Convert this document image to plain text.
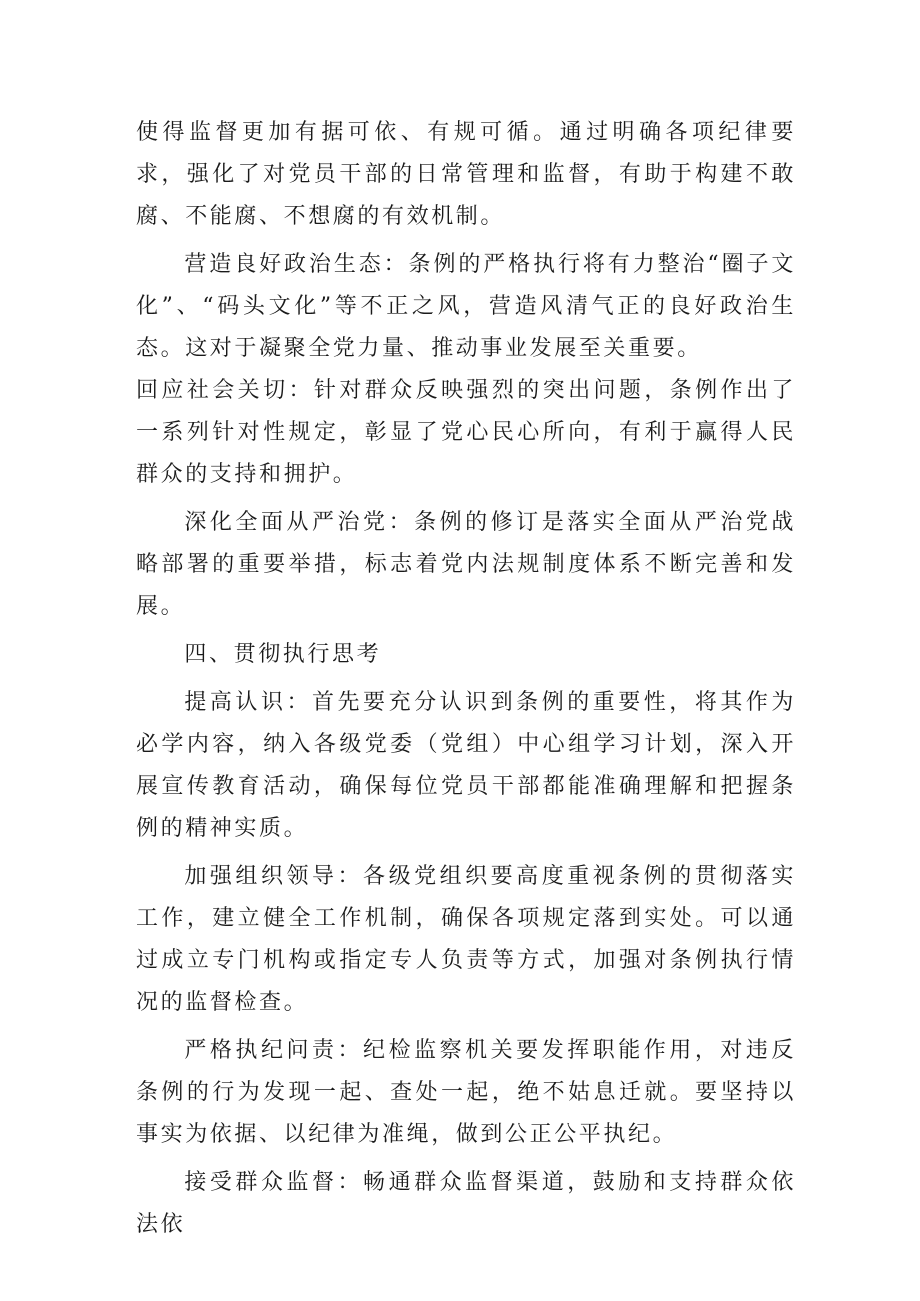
使得监督更加有据可依、有规可循。通过明确各项纪律要求，强化了对党员干部的日常管理和监督，有助于构建不敢腐、不能腐、不想腐的有效机制。

营造良好政治生态：条例的严格执行将有力整治“圈子文化”、“码头文化”等不正之风，营造风清气正的良好政治生态。这对于凝聚全党力量、推动事业发展至关重要。

回应社会关切：针对群众反映强烈的突出问题，条例作出了一系列针对性规定，彰显了党心民心所向，有利于赢得人民群众的支持和拥护。

深化全面从严治党：条例的修订是落实全面从严治党战略部署的重要举措，标志着党内法规制度体系不断完善和发展。

四、贯彻执行思考

提高认识：首先要充分认识到条例的重要性，将其作为必学内容，纳入各级党委（党组）中心组学习计划，深入开展宣传教育活动，确保每位党员干部都能准确理解和把握条例的精神实质。

加强组织领导：各级党组织要高度重视条例的贯彻落实工作，建立健全工作机制，确保各项规定落到实处。可以通过成立专门机构或指定专人负责等方式，加强对条例执行情况的监督检查。

严格执纪问责：纪检监察机关要发挥职能作用，对违反条例的行为发现一起、查处一起，绝不姑息迁就。要坚持以事实为依据、以纪律为准绳，做到公正公平执纪。

接受群众监督：畅通群众监督渠道，鼓励和支持群众依法依
